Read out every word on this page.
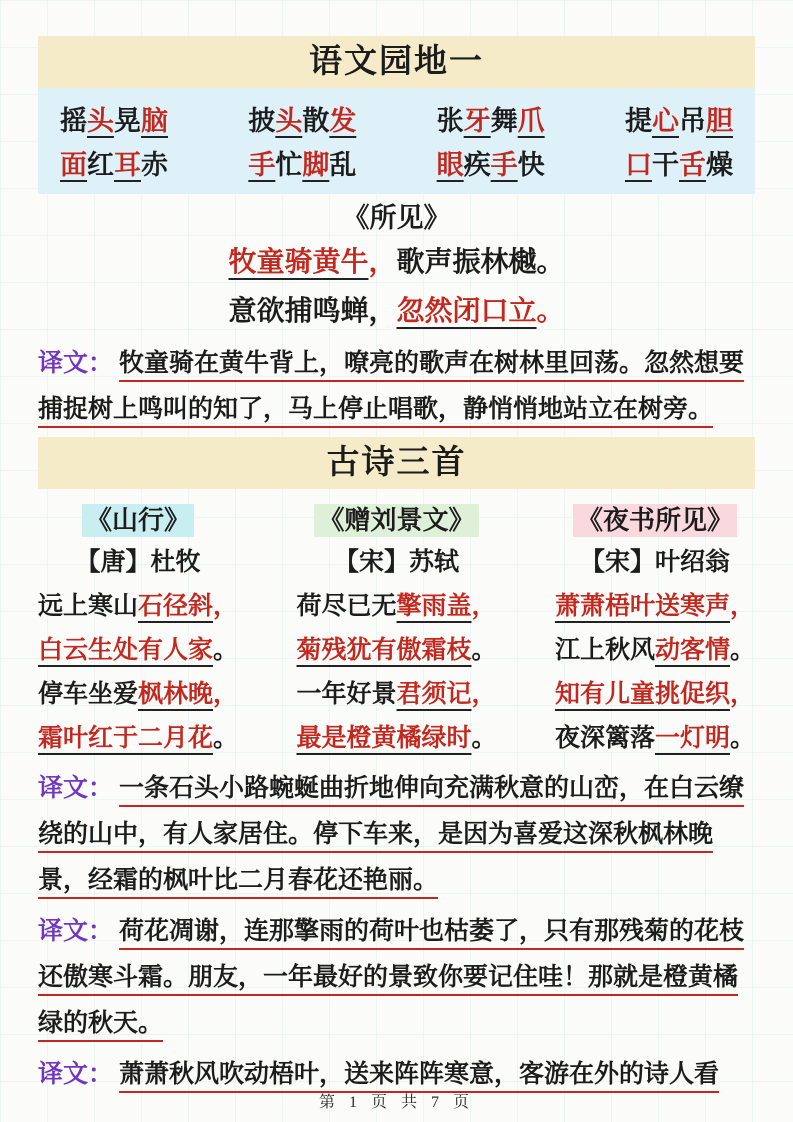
语文园地一
摇头晃脑	披头散发	张牙舞爪	提心吊胆
面红耳赤	手忙脚乱	眼疾手快	口干舌燥
《所见》
牧童骑黄牛，歌声振林樾。
意欲捕鸣蝉，忽然闭口立。
译文： 牧童骑在黄牛背上，嘹亮的歌声在树林里回荡。忽然想要捕捉树上鸣叫的知了，马上停止唱歌，静悄悄地站立在树旁。
古诗三首
《山行》
【唐】杜牧
远上寒山石径斜，
白云生处有人家。
停车坐爱枫林晚，
霜叶红于二月花。
《赠刘景文》
【宋】苏轼
荷尽已无擎雨盖，
菊残犹有傲霜枝。
一年好景君须记，
最是橙黄橘绿时。
《夜书所见》
【宋】叶绍翁
萧萧梧叶送寒声，
江上秋风动客情。
知有儿童挑促织，
夜深篱落一灯明。
译文： 一条石头小路蜿蜒曲折地伸向充满秋意的山峦，在白云缭绕的山中，有人家居住。停下车来，是因为喜爱这深秋枫林晚景，经霜的枫叶比二月春花还艳丽。
译文： 荷花凋谢，连那擎雨的荷叶也枯萎了，只有那残菊的花枝还傲寒斗霜。朋友，一年最好的景致你要记住哇！那就是橙黄橘绿的秋天。
译文： 萧萧秋风吹动梧叶，送来阵阵寒意，客游在外的诗人看
第 1 页 共 7 页
